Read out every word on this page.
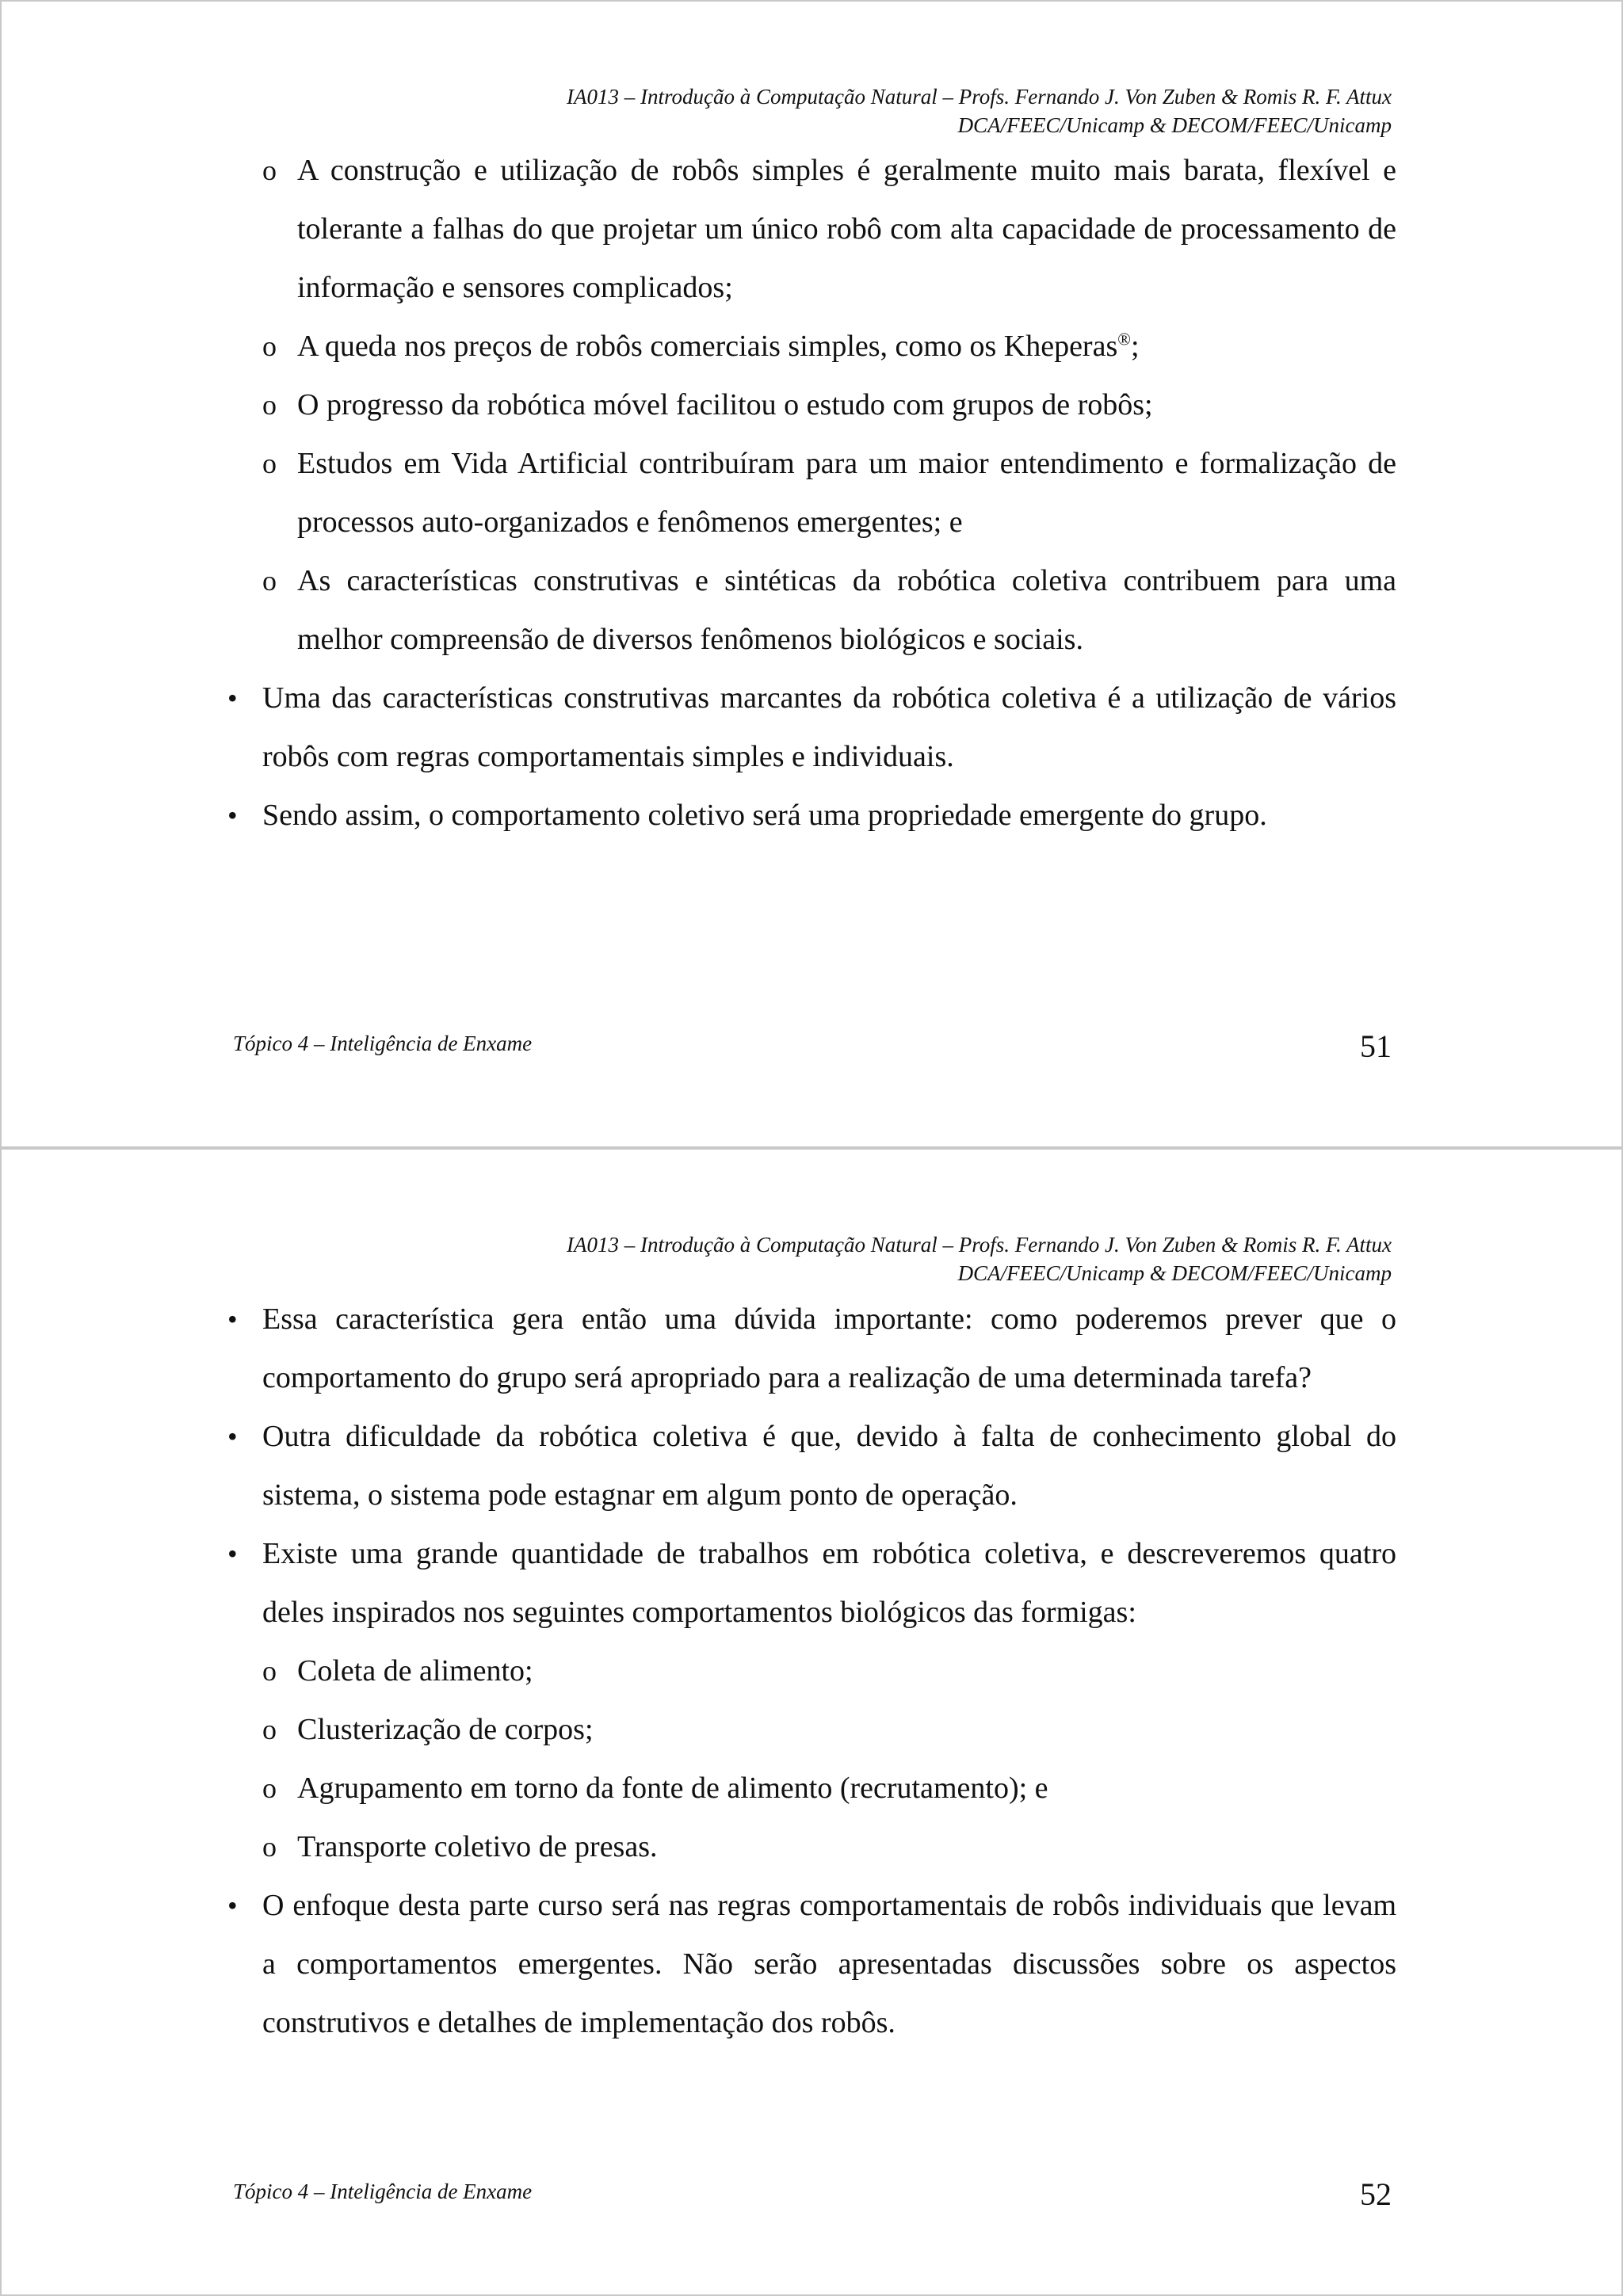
IA013 – Introdução à Computação Natural – Profs. Fernando J. Von Zuben & Romis R. F. Attux
DCA/FEEC/Unicamp & DECOM/FEEC/Unicamp
o A construção e utilização de robôs simples é geralmente muito mais barata, flexível e tolerante a falhas do que projetar um único robô com alta capacidade de processamento de informação e sensores complicados;
o A queda nos preços de robôs comerciais simples, como os Kheperas®;
o O progresso da robótica móvel facilitou o estudo com grupos de robôs;
o Estudos em Vida Artificial contribuíram para um maior entendimento e formalização de processos auto-organizados e fenômenos emergentes; e
o As características construtivas e sintéticas da robótica coletiva contribuem para uma melhor compreensão de diversos fenômenos biológicos e sociais.
• Uma das características construtivas marcantes da robótica coletiva é a utilização de vários robôs com regras comportamentais simples e individuais.
• Sendo assim, o comportamento coletivo será uma propriedade emergente do grupo.
Tópico 4 – Inteligência de Enxame	51
IA013 – Introdução à Computação Natural – Profs. Fernando J. Von Zuben & Romis R. F. Attux
DCA/FEEC/Unicamp & DECOM/FEEC/Unicamp
• Essa característica gera então uma dúvida importante: como poderemos prever que o comportamento do grupo será apropriado para a realização de uma determinada tarefa?
• Outra dificuldade da robótica coletiva é que, devido à falta de conhecimento global do sistema, o sistema pode estagnar em algum ponto de operação.
• Existe uma grande quantidade de trabalhos em robótica coletiva, e descreveremos quatro deles inspirados nos seguintes comportamentos biológicos das formigas:
o Coleta de alimento;
o Clusterização de corpos;
o Agrupamento em torno da fonte de alimento (recrutamento); e
o Transporte coletivo de presas.
• O enfoque desta parte curso será nas regras comportamentais de robôs individuais que levam a comportamentos emergentes. Não serão apresentadas discussões sobre os aspectos construtivos e detalhes de implementação dos robôs.
Tópico 4 – Inteligência de Enxame	52
